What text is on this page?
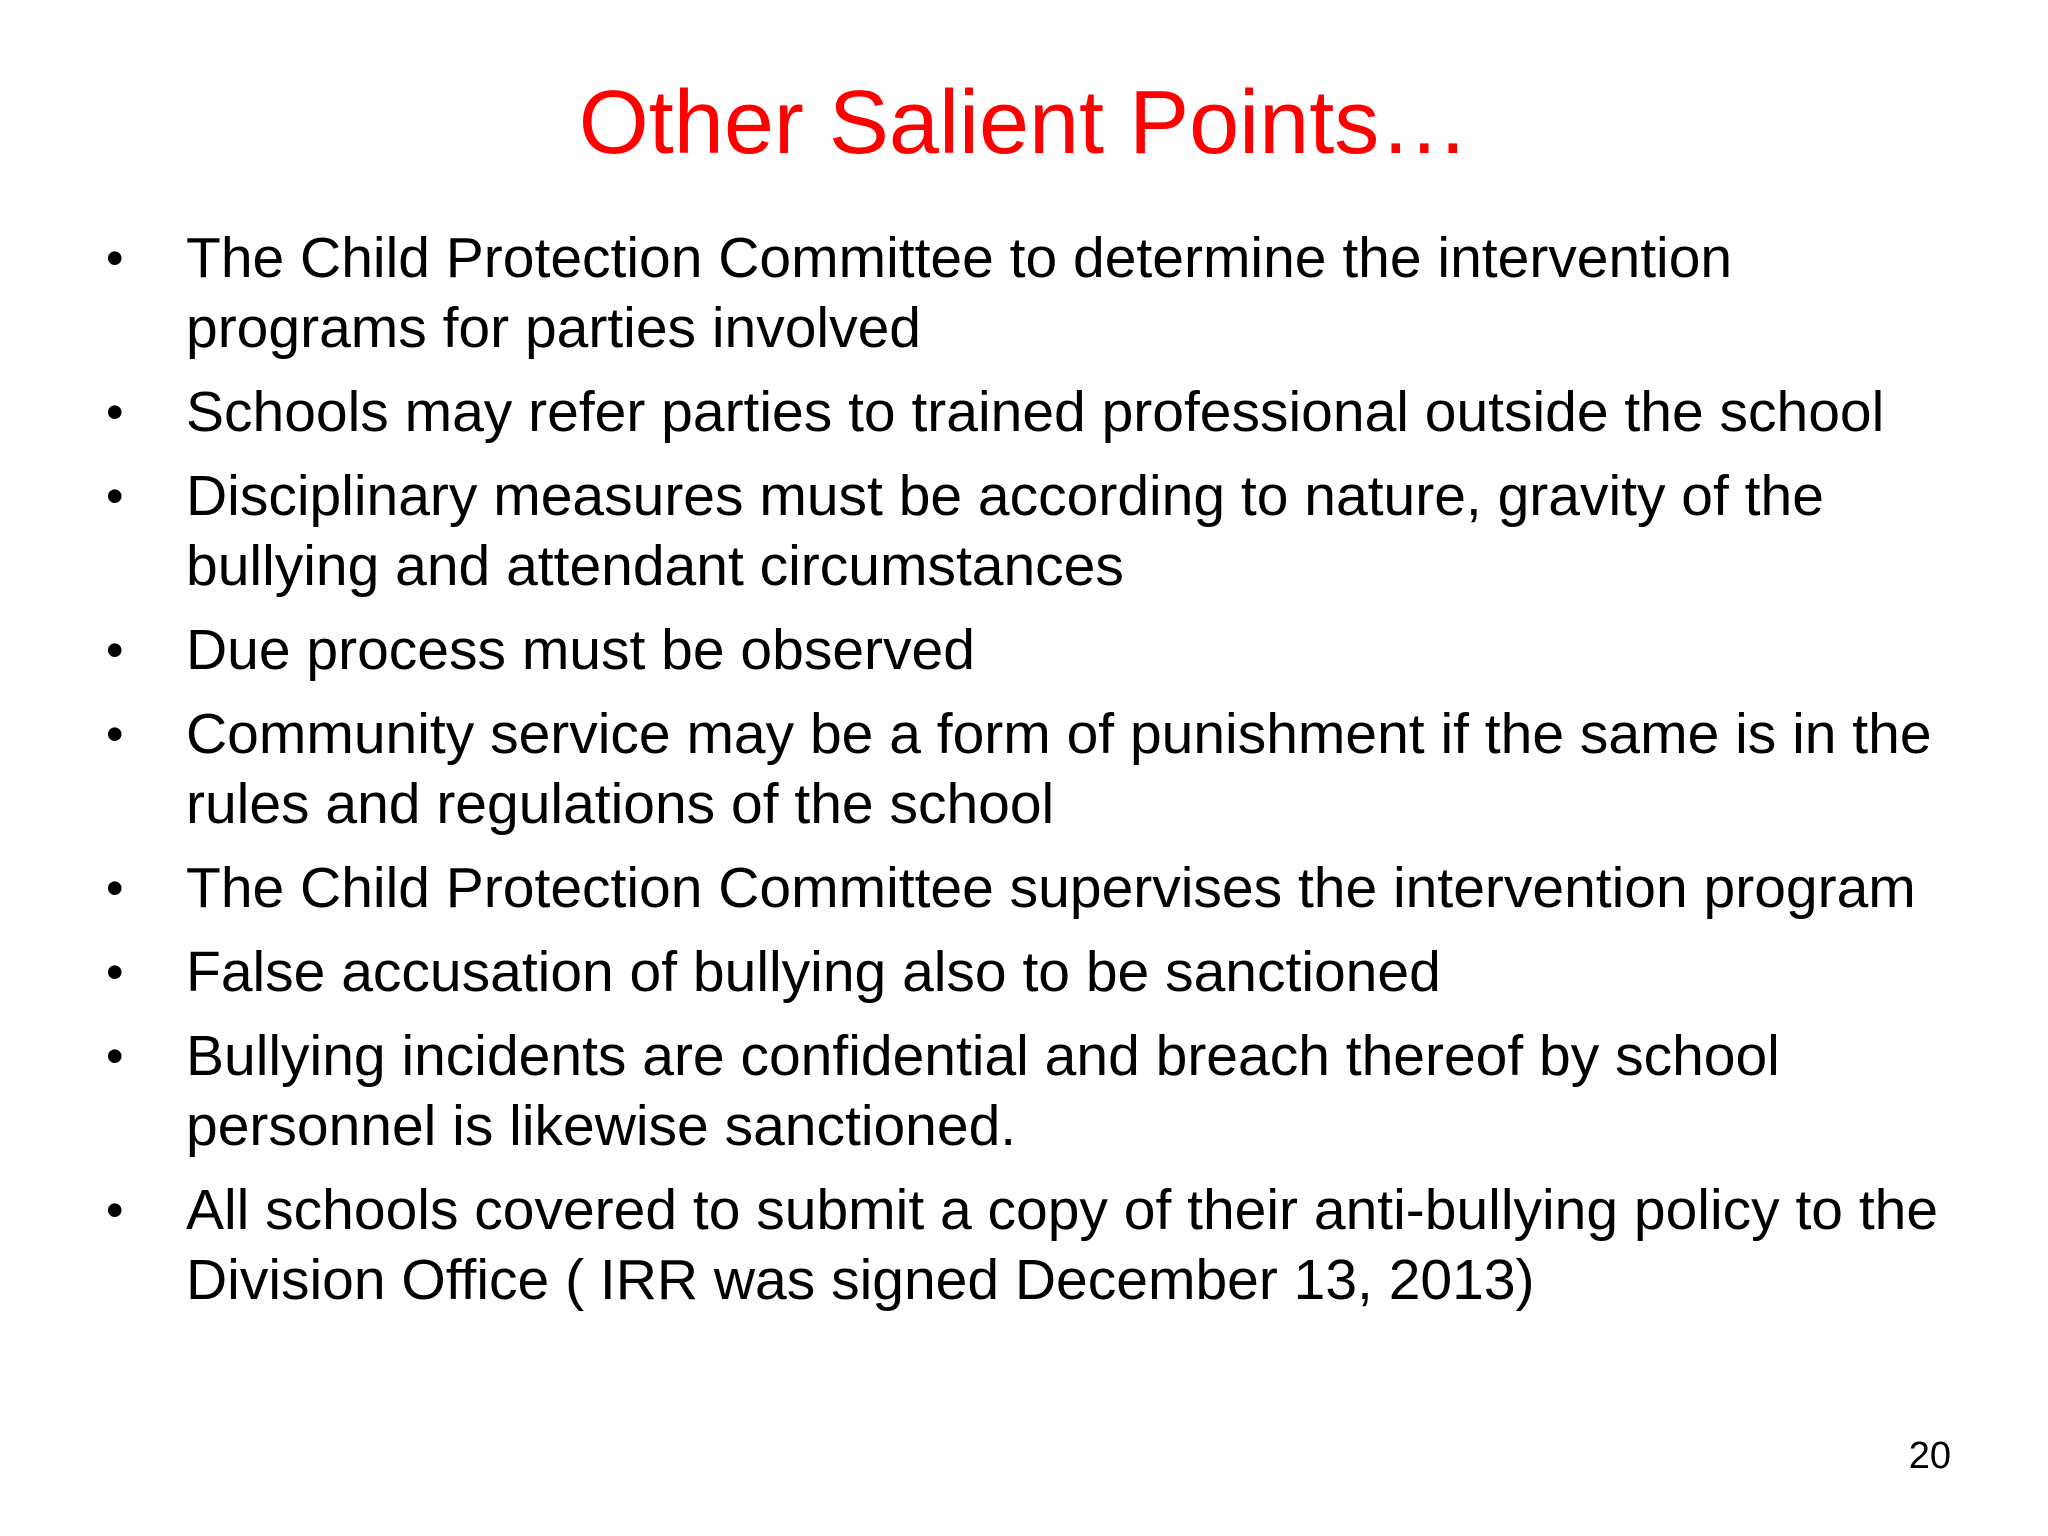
Other Salient Points…
•	The Child Protection Committee to determine the intervention programs for parties involved
•	Schools may refer parties to trained professional outside the school
•	Disciplinary measures must be according to nature, gravity of the bullying and attendant circumstances
•	Due process must be observed
•	Community service may be a form of punishment if the same is in the rules and regulations of the school
•	The Child Protection Committee supervises the intervention program
•	False accusation of bullying also to be sanctioned
•	Bullying incidents are confidential and breach thereof by school personnel is likewise sanctioned.
•	All schools covered to submit a copy of their anti-bullying policy to the Division Office ( IRR was signed December 13, 2013)
20
